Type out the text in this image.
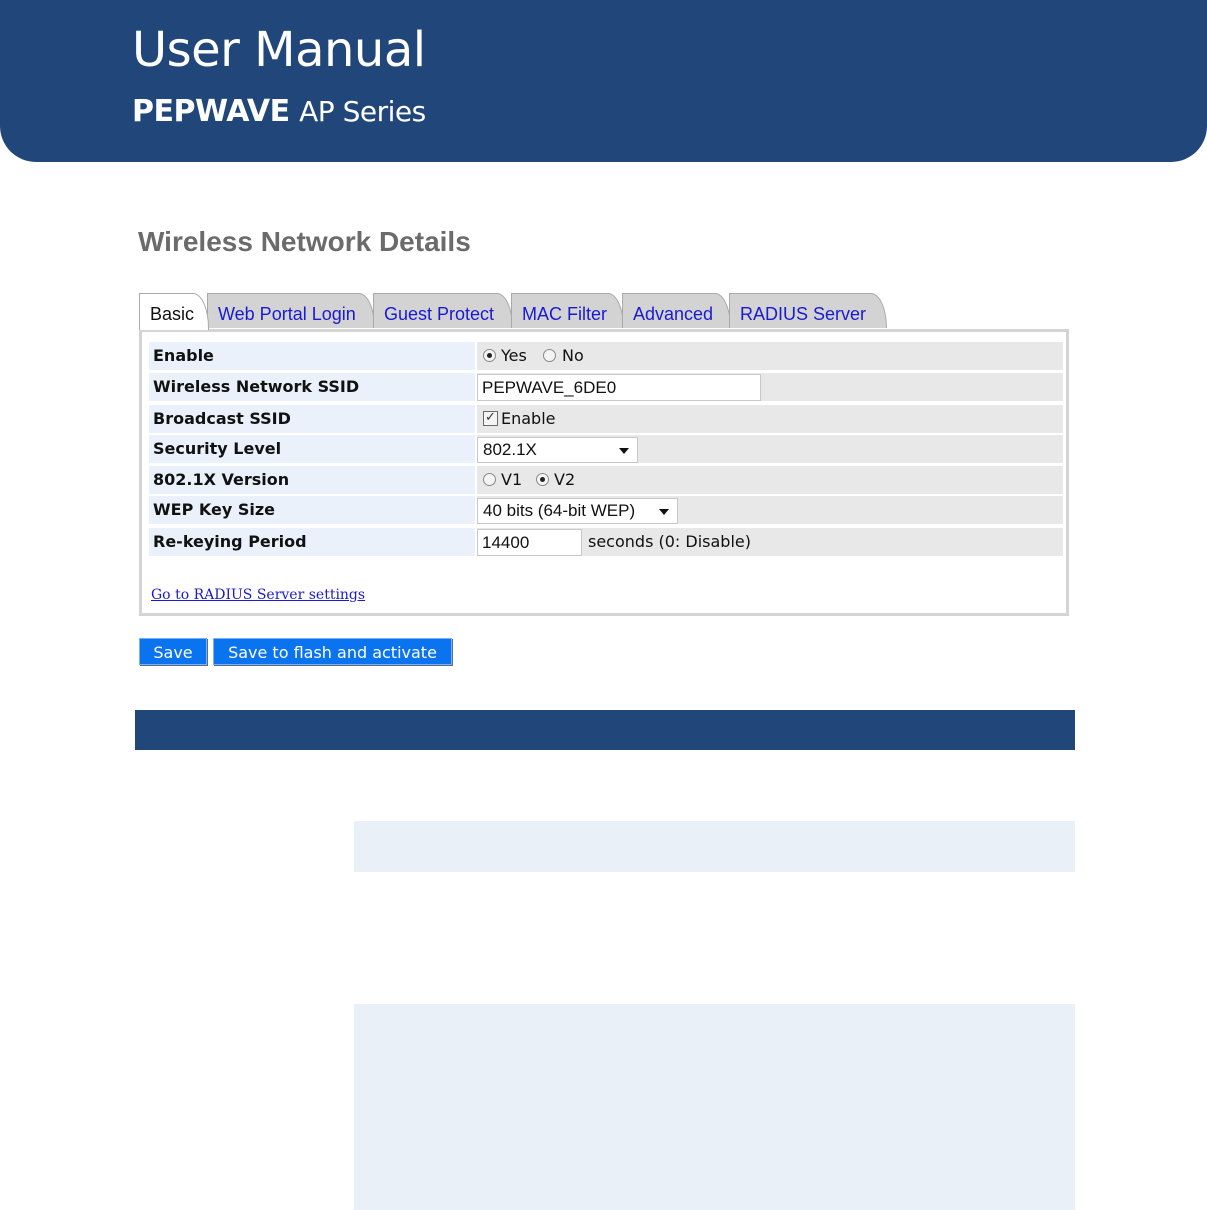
User Manual
PEPWAVE AP Series
Wireless Network Details
Basic	Web Portal Login	Guest Protect	MAC Filter	Advanced	RADIUS Server
Enable	Yes No
Wireless Network SSID	PEPWAVE_6DE0
Broadcast SSID	✓ Enable
Security Level	802.1X
802.1X Version	V1 V2
WEP Key Size	40 bits (64-bit WEP)
Re-keying Period	14400	seconds (0: Disable)
Go to RADIUS Server settings
Save	Save to flash and activate
